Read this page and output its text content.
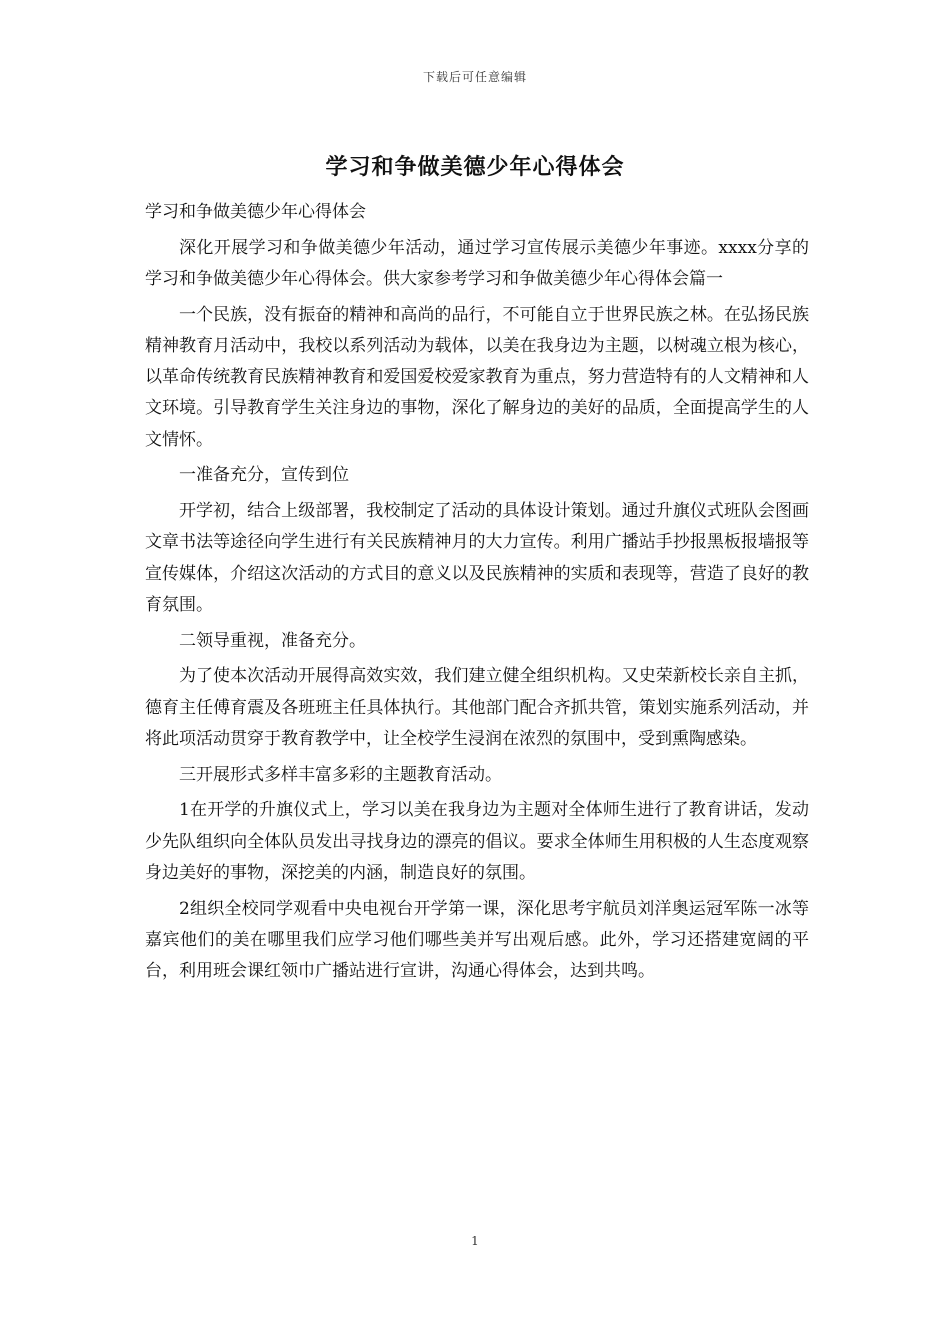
下载后可任意编辑
学习和争做美德少年心得体会

学习和争做美德少年心得体会

深化开展学习和争做美德少年活动，通过学习宣传展示美德少年事迹。xxxx分享的学习和争做美德少年心得体会。供大家参考学习和争做美德少年心得体会篇一

一个民族，没有振奋的精神和高尚的品行，不可能自立于世界民族之林。在弘扬民族精神教育月活动中，我校以系列活动为载体，以美在我身边为主题，以树魂立根为核心，以革命传统教育民族精神教育和爱国爱校爱家教育为重点，努力营造特有的人文精神和人文环境。引导教育学生关注身边的事物，深化了解身边的美好的品质，全面提高学生的人文情怀。

一准备充分，宣传到位

开学初，结合上级部署，我校制定了活动的具体设计策划。通过升旗仪式班队会图画文章书法等途径向学生进行有关民族精神月的大力宣传。利用广播站手抄报黑板报墙报等宣传媒体，介绍这次活动的方式目的意义以及民族精神的实质和表现等，营造了良好的教育氛围。

二领导重视，准备充分。

为了使本次活动开展得高效实效，我们建立健全组织机构。又史荣新校长亲自主抓，德育主任傅育震及各班班主任具体执行。其他部门配合齐抓共管，策划实施系列活动，并将此项活动贯穿于教育教学中，让全校学生浸润在浓烈的氛围中，受到熏陶感染。

三开展形式多样丰富多彩的主题教育活动。

1在开学的升旗仪式上，学习以美在我身边为主题对全体师生进行了教育讲话，发动少先队组织向全体队员发出寻找身边的漂亮的倡议。要求全体师生用积极的人生态度观察身边美好的事物，深挖美的内涵，制造良好的氛围。

2组织全校同学观看中央电视台开学第一课，深化思考宇航员刘洋奥运冠军陈一冰等嘉宾他们的美在哪里我们应学习他们哪些美并写出观后感。此外，学习还搭建宽阔的平台，利用班会课红领巾广播站进行宣讲，沟通心得体会，达到共鸣。

1
